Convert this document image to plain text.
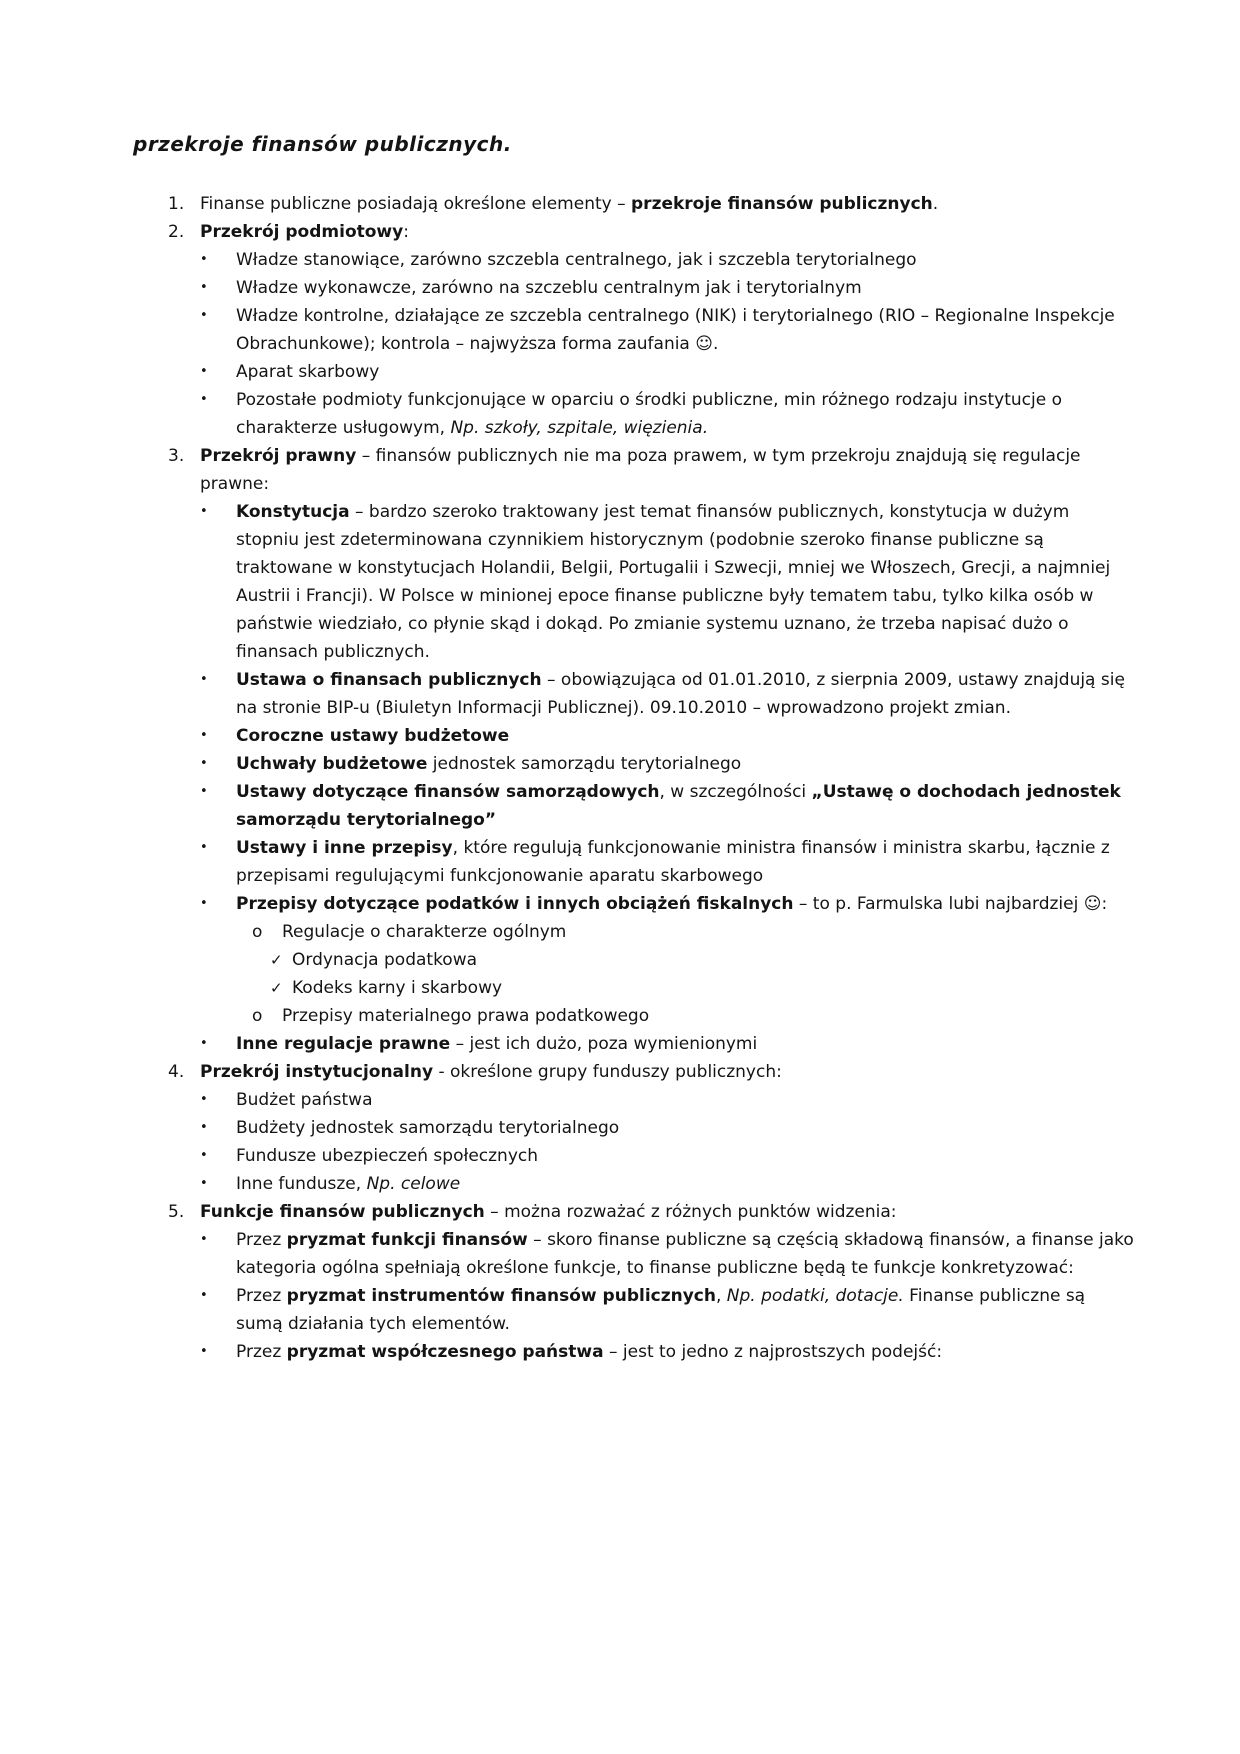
przekroje finansów publicznych.
1. Finanse publiczne posiadają określone elementy – przekroje finansów publicznych.
2. Przekrój podmiotowy:
•	Władze stanowiące, zarówno szczebla centralnego, jak i szczebla terytorialnego
•	Władze wykonawcze, zarówno na szczeblu centralnym jak i terytorialnym
•	Władze kontrolne, działające ze szczebla centralnego (NIK) i terytorialnego (RIO – Regionalne Inspekcje Obrachunkowe); kontrola – najwyższa forma zaufania ☺.
•	Aparat skarbowy
•	Pozostałe podmioty funkcjonujące w oparciu o środki publiczne, min różnego rodzaju instytucje o charakterze usługowym, Np. szkoły, szpitale, więzienia.
3. Przekrój prawny – finansów publicznych nie ma poza prawem, w tym przekroju znajdują się regulacje prawne:
•	Konstytucja – bardzo szeroko traktowany jest temat finansów publicznych, konstytucja w dużym stopniu jest zdeterminowana czynnikiem historycznym (podobnie szeroko finanse publiczne są traktowane w konstytucjach Holandii, Belgii, Portugalii i Szwecji, mniej we Włoszech, Grecji, a najmniej Austrii i Francji). W Polsce w minionej epoce finanse publiczne były tematem tabu, tylko kilka osób w państwie wiedziało, co płynie skąd i dokąd. Po zmianie systemu uznano, że trzeba napisać dużo o finansach publicznych.
•	Ustawa o finansach publicznych – obowiązująca od 01.01.2010, z sierpnia 2009, ustawy znajdują się na stronie BIP-u (Biuletyn Informacji Publicznej). 09.10.2010 – wprowadzono projekt zmian.
•	Coroczne ustawy budżetowe
•	Uchwały budżetowe jednostek samorządu terytorialnego
•	Ustawy dotyczące finansów samorządowych, w szczególności „Ustawę o dochodach jednostek samorządu terytorialnego”
•	Ustawy i inne przepisy, które regulują funkcjonowanie ministra finansów i ministra skarbu, łącznie z przepisami regulującymi funkcjonowanie aparatu skarbowego
•	Przepisy dotyczące podatków i innych obciążeń fiskalnych – to p. Farmulska lubi najbardziej ☺:
o	Regulacje o charakterze ogólnym
✓ Ordynacja podatkowa
✓ Kodeks karny i skarbowy
o	Przepisy materialnego prawa podatkowego
•	Inne regulacje prawne – jest ich dużo, poza wymienionymi
4. Przekrój instytucjonalny - określone grupy funduszy publicznych:
•	Budżet państwa
•	Budżety jednostek samorządu terytorialnego
•	Fundusze ubezpieczeń społecznych
•	Inne fundusze, Np. celowe
5. Funkcje finansów publicznych – można rozważać z różnych punktów widzenia:
•	Przez pryzmat funkcji finansów – skoro finanse publiczne są częścią składową finansów, a finanse jako kategoria ogólna spełniają określone funkcje, to finanse publiczne będą te funkcje konkretyzować:
•	Przez pryzmat instrumentów finansów publicznych, Np. podatki, dotacje. Finanse publiczne są sumą działania tych elementów.
•	Przez pryzmat współczesnego państwa – jest to jedno z najprostszych podejść:
